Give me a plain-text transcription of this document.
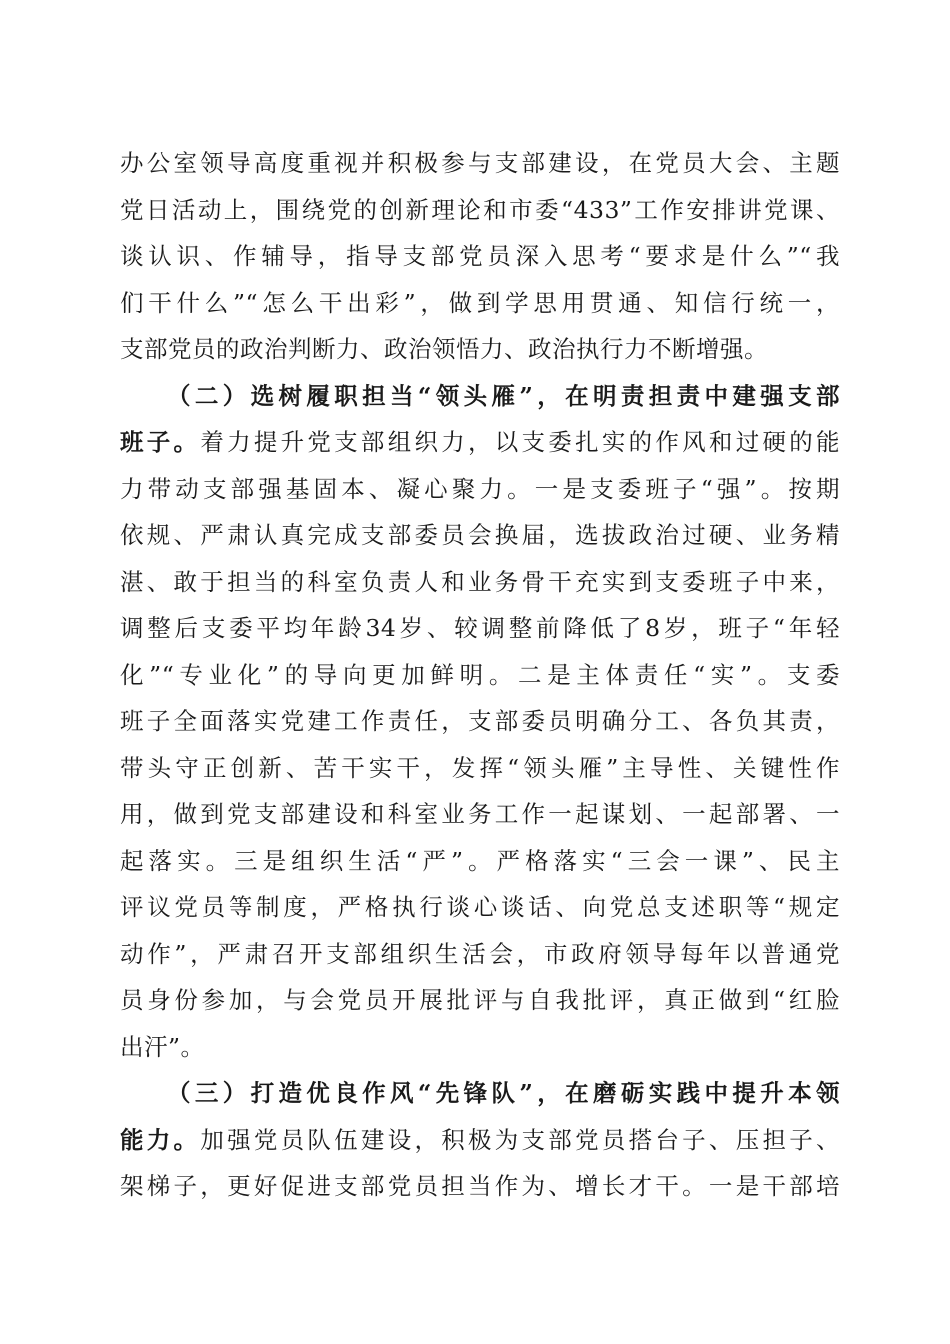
办公室领导高度重视并积极参与支部建设，在党员大会、主题
党日活动上，围绕党的创新理论和市委“433”工作安排讲党课、
谈认识、作辅导，指导支部党员深入思考“要求是什么”“我
们干什么”“怎么干出彩”，做到学思用贯通、知信行统一，
支部党员的政治判断力、政治领悟力、政治执行力不断增强。
（二）选树履职担当“领头雁”，在明责担责中建强支部
班子。着力提升党支部组织力，以支委扎实的作风和过硬的能
力带动支部强基固本、凝心聚力。一是支委班子“强”。按期
依规、严肃认真完成支部委员会换届，选拔政治过硬、业务精
湛、敢于担当的科室负责人和业务骨干充实到支委班子中来，
调整后支委平均年龄34岁、较调整前降低了8岁，班子“年轻
化”“专业化”的导向更加鲜明。二是主体责任“实”。支委
班子全面落实党建工作责任，支部委员明确分工、各负其责，
带头守正创新、苦干实干，发挥“领头雁”主导性、关键性作
用，做到党支部建设和科室业务工作一起谋划、一起部署、一
起落实。三是组织生活“严”。严格落实“三会一课”、民主
评议党员等制度，严格执行谈心谈话、向党总支述职等“规定
动作”，严肃召开支部组织生活会，市政府领导每年以普通党
员身份参加，与会党员开展批评与自我批评，真正做到“红脸
出汗”。
（三）打造优良作风“先锋队”，在磨砺实践中提升本领
能力。加强党员队伍建设，积极为支部党员搭台子、压担子、
架梯子，更好促进支部党员担当作为、增长才干。一是干部培
